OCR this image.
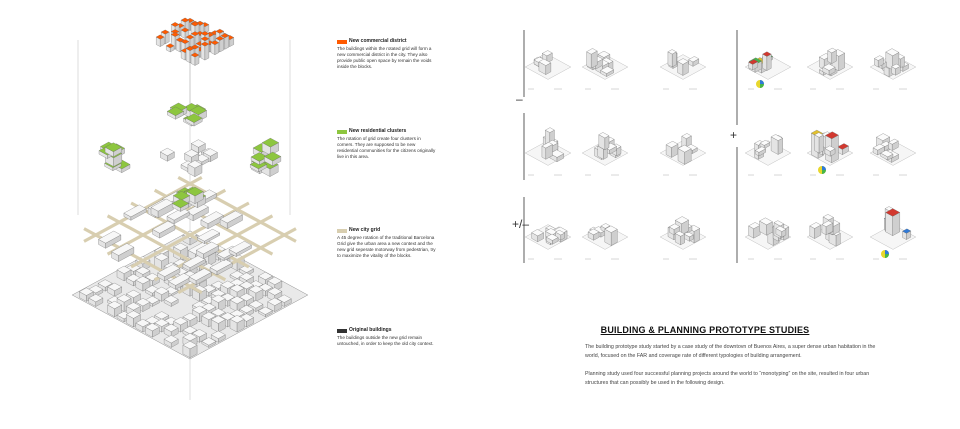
New commercial district
The buildings within the rotated grid will form a new commercial district in the city. They also provide public open space by remain the voids inside the blocks.
New residential clusters
The rotation of grid create four clusters in corners. They are supposed to be new residential communities for the citizens originally live in this area.
New city grid
A 45 degree rotation of the traditional Barcelona Grid give the urban area a new context and the new grid seperate motorway from pedestrian, try to maximize the vitality of the blocks.
Original buildings
The buildings outside the new grid remain untouched, in order to keep the old city context.
–
+/–
+
BUILDING & PLANNING PROTOTYPE STUDIES
The building prototype study started by a case study of the downtovn of Buenos Aires, a super dense urban habitation in the world, focused on the FAR and coverage rate of different typologies of building arrangement.
Planning study used four successful planning projects around the world to “monotyping” on the site, resulted in four urban structures that can possibly be used in the following design.
